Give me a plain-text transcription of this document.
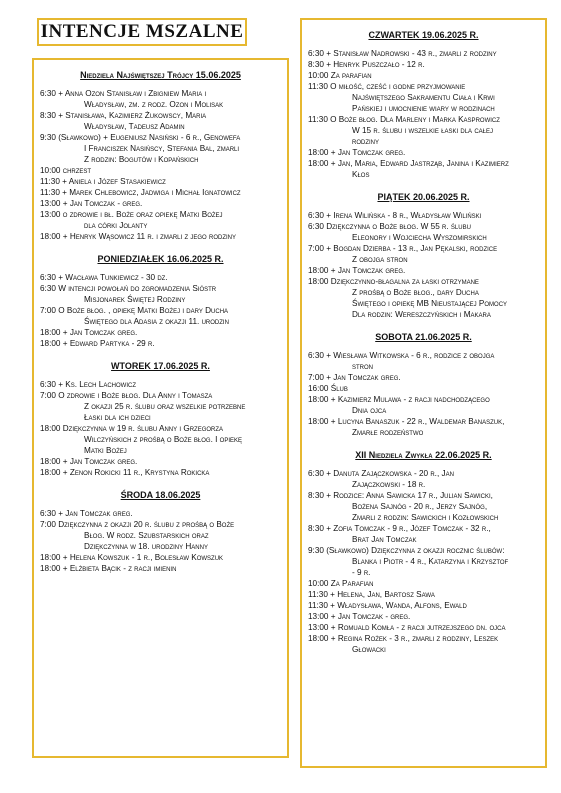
INTENCJE MSZALNE
Niedziela Najświętszej Trójcy 15.06.2025
6:30 + Anna Ozon Stanisław i Zbigniew Maria i
Władysław, zm. z rodz. Ozon i Molisak
8:30 + Stanisława, Kazimierz Żukowscy, Maria
Władysław, Tadeusz Adamin
9:30 (Sławkowo) + Eugeniusz Nasiński - 6 r., Genowefa
I Franciszek Nasińscy, Stefania Bal, zmarli
Z rodzin: Bogutów i Kopańskich
10:00 chrzest
11:30 + Aniela i Józef Stasakiewicz
11:30 + Marek Chlebowicz, Jadwiga i Michał Ignatowicz
13:00 + Jan Tomczak - greg.
13:00 o zdrowie i bł. Boże oraz opiekę Matki Bożej
dla córki Jolanty
18:00 + Henryk Wąsowicz 11 r. i zmarli z jego rodziny
PONIEDZIAŁEK 16.06.2025 R.
6:30 + Wacława Tunkiewicz - 30 dz.
6:30 W intencji powołań do zgromadzenia Sióstr
Misjonarek Świętej Rodziny
7:00 O Boże błog. , opiekę Matki Bożej i dary Ducha
Świętego dla Adasia z okazji 11. urodzin
18:00 + Jan Tomczak greg.
18:00 + Edward Partyka - 29 r.
WTOREK 17.06.2025 R.
6:30 + Ks. Lech Lachowicz
7:00 O zdrowie i Boże błog. Dla Anny i Tomasza
Z okazji 25 r. ślubu oraz wszelkie potrzebne
Łaski dla ich dzieci
18:00 Dziękczynna w 19 r. ślubu Anny i Grzegorza
Wilczyńskich z prośbą o Boże błog. I opiekę
Matki Bożej
18:00 + Jan Tomczak greg.
18:00 + Zenon Rokicki 11 r., Krystyna Rokicka
ŚRODA 18.06.2025
6:30 + Jan Tomczak greg.
7:00 Dziękczynna z okazji 20 r. ślubu z prośbą o Boże
Błog. W rodz. Szubstarskich oraz
Dziękczynna w 18. urodziny Hanny
18:00 + Helena Kowszuk - 1 r., Bolesław Kowszuk
18:00 + Elżbieta Bącik - z racji imienin
CZWARTEK 19.06.2025 R.
6:30 + Stanisław Nadrowski - 43 r., zmarli z rodziny
8:30 + Henryk Puszczało - 12 r.
10:00 Za parafian
11:30 O miłość, cześć i godne przyjmowanie
Najświętszego Sakramentu Ciała i Krwi
Pańskiej i umocnienie wiary w rodzinach
11:30 O Boże błog. Dla Marleny i Marka Kasprowicz
W 15 r. ślubu i wszelkie łaski dla całej
rodziny
18:00 + Jan Tomczak greg.
18:00 + Jan, Maria, Edward Jastrząb, Janina i Kazimierz
Kłos
PIĄTEK 20.06.2025 R.
6:30 + Irena Wilińska - 8 r., Władysław Wiliński
6:30 Dziękczynna o Boże błog. W 55 r. ślubu
Eleonory i Wojciecha Wyszomirskich
7:00 + Bogdan Dzierba - 13 r., Jan Pękalski, rodzice
Z obojga stron
18:00 + Jan Tomczak greg.
18:00 Dziękczynno-błagalna za łaski otrzymane
Z prośbą o Boże błog., dary Ducha
Świętego i opiekę MB Nieustającej Pomocy
Dla rodzin: Wereszczyńskich i Makara
SOBOTA 21.06.2025 R.
6:30 + Wiesława Witkowska - 6 r., rodzice z obojga
stron
7:00 + Jan Tomczak greg.
16:00 Ślub
18:00 + Kazimierz Mulawa - z racji nadchodzącego
Dnia ojca
18:00 + Lucyna Banaszuk - 22 r., Waldemar Banaszuk,
Zmarłe rodzeństwo
XII Niedziela Zwykła 22.06.2025 R.
6:30 + Danuta Zajączkowska - 20 r., Jan
Zajączkowski - 18 r.
8:30 + Rodzice: Anna Sawicka 17 r., Julian Sawicki,
Bożena Sajnóg - 20 r., Jerzy Sajnóg,
Zmarli z rodzin: Sawickich i Kozłowskich
8:30 + Zofia Tomczak - 9 r., Józef Tomczak - 32 r.,
Brat Jan Tomczak
9:30 (Sławkowo) Dziękczynna z okazji rocznic ślubów:
Blanka i Piotr - 4 r., Katarzyna i Krzysztof
- 9 r.
10:00 Za Parafian
11:30 + Helena, Jan, Bartosz Sawa
11:30 + Władysława, Wanda, Alfons, Ewald
13:00 + Jan Tomczak - greg.
13:00 + Romuald Komła - z racji jutrzejszego dn. ojca
18:00 + Regina Rożek - 3 r., zmarli z rodziny, Leszek
Głowacki
